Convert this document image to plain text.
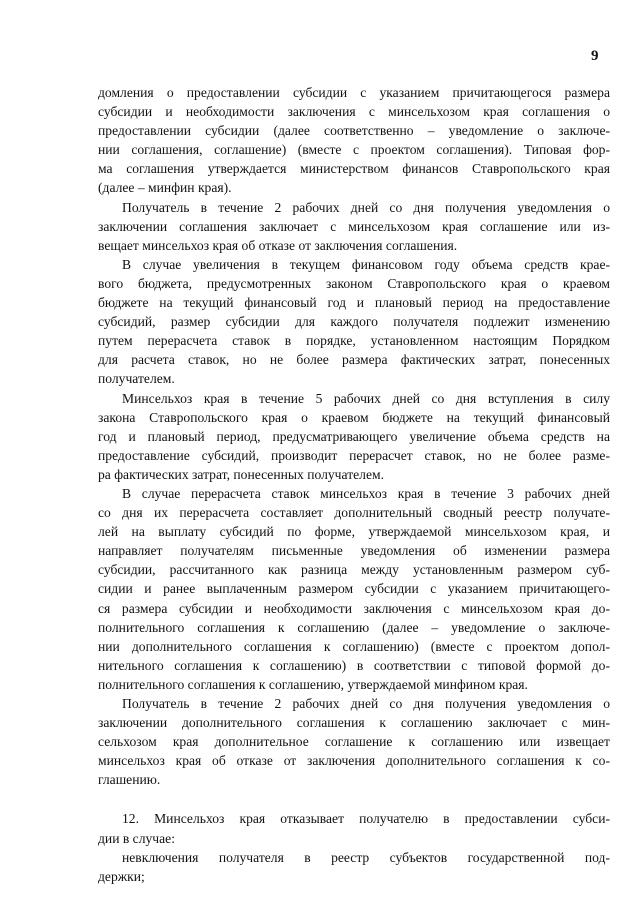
9
домления о предоставлении субсидии с указанием причитающегося размера
субсидии и необходимости заключения с минсельхозом края соглашения о
предоставлении субсидии (далее соответственно – уведомление о заключе-
нии соглашения, соглашение) (вместе с проектом соглашения). Типовая фор-
ма соглашения утверждается министерством финансов Ставропольского края
(далее – минфин края).
Получатель в течение 2 рабочих дней со дня получения уведомления о
заключении соглашения заключает с минсельхозом края соглашение или из-
вещает минсельхоз края об отказе от заключения соглашения.
В случае увеличения в текущем финансовом году объема средств крае-
вого бюджета, предусмотренных законом Ставропольского края о краевом
бюджете на текущий финансовый год и плановый период на предоставление
субсидий, размер субсидии для каждого получателя подлежит изменению
путем перерасчета ставок в порядке, установленном настоящим Порядком
для расчета ставок, но не более размера фактических затрат, понесенных
получателем.
Минсельхоз края в течение 5 рабочих дней со дня вступления в силу
закона Ставропольского края о краевом бюджете на текущий финансовый
год и плановый период, предусматривающего увеличение объема средств на
предоставление субсидий, производит перерасчет ставок, но не более разме-
ра фактических затрат, понесенных получателем.
В случае перерасчета ставок минсельхоз края в течение 3 рабочих дней
со дня их перерасчета составляет дополнительный сводный реестр получате-
лей на выплату субсидий по форме, утверждаемой минсельхозом края, и
направляет получателям письменные уведомления об изменении размера
субсидии, рассчитанного как разница между установленным размером суб-
сидии и ранее выплаченным размером субсидии с указанием причитающего-
ся размера субсидии и необходимости заключения с минсельхозом края до-
полнительного соглашения к соглашению (далее – уведомление о заключе-
нии дополнительного соглашения к соглашению) (вместе с проектом допол-
нительного соглашения к соглашению) в соответствии с типовой формой до-
полнительного соглашения к соглашению, утверждаемой минфином края.
Получатель в течение 2 рабочих дней со дня получения уведомления о
заключении дополнительного соглашения к соглашению заключает с мин-
сельхозом края дополнительное соглашение к соглашению или извещает
минсельхоз края об отказе от заключения дополнительного соглашения к со-
глашению.
12. Минсельхоз края отказывает получателю в предоставлении субси-
дии в случае:
невключения получателя в реестр субъектов государственной под-
держки;
